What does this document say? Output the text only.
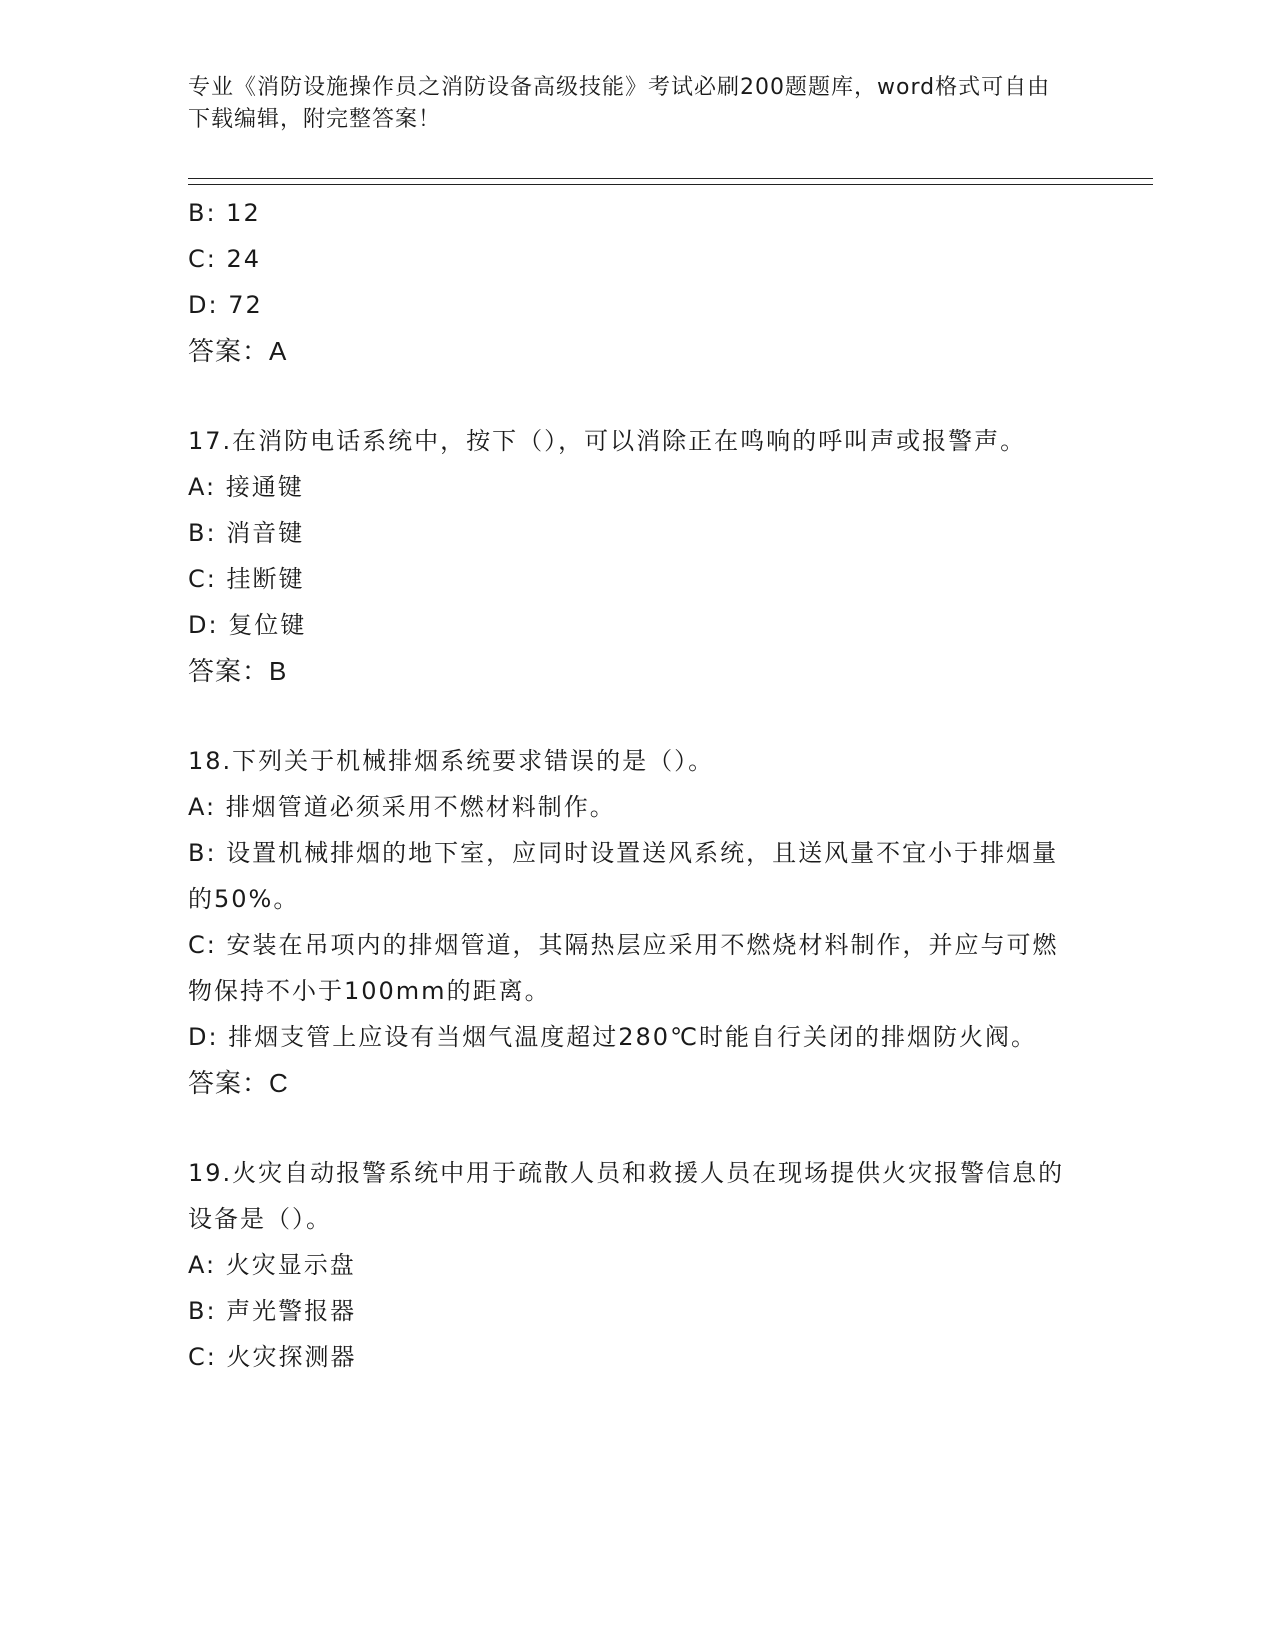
专业《消防设施操作员之消防设备高级技能》考试必刷200题题库，word格式可自由下载编辑，附完整答案！
B: 12
C: 24
D: 72
答案：A
17.在消防电话系统中，按下（），可以消除正在鸣响的呼叫声或报警声。
A: 接通键
B: 消音键
C: 挂断键
D: 复位键
答案：B
18.下列关于机械排烟系统要求错误的是（）。
A: 排烟管道必须采用不燃材料制作。
B: 设置机械排烟的地下室，应同时设置送风系统，且送风量不宜小于排烟量的50%。
C: 安装在吊项内的排烟管道，其隔热层应采用不燃烧材料制作，并应与可燃物保持不小于100mm的距离。
D: 排烟支管上应设有当烟气温度超过280℃时能自行关闭的排烟防火阀。
答案：C
19.火灾自动报警系统中用于疏散人员和救援人员在现场提供火灾报警信息的设备是（）。
A: 火灾显示盘
B: 声光警报器
C: 火灾探测器
